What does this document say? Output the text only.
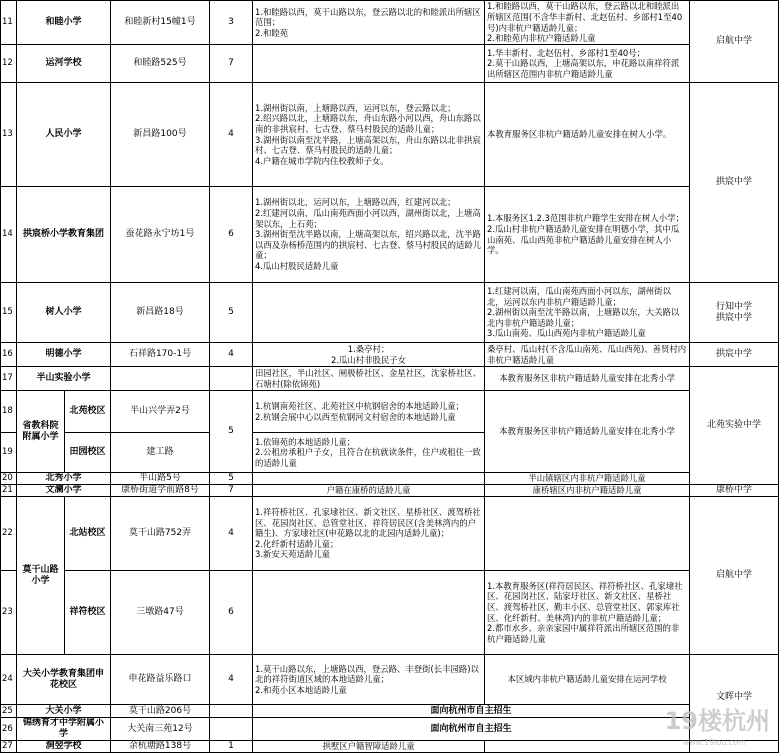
11	和睦小学		和睦新村15幢1号	3	1.和睦路以西，莫干山路以东，登云路以北的和睦派出所辖区范围；
2.和睦苑	1.和睦路以西，莫干山路以东，登云路以北和睦派出所辖区范围(不含华丰新村、北赵伍村、乡部村1至40号)内非杭户籍适龄儿童；
2.和睦苑内非杭户籍适龄儿童	启航中学
12	运河学校		和睦路525号	7		1.华丰新村、北赵伍村、乡部村1至40号；
2.莫干山路以西，上塘高架以东，申花路以南祥符派出所辖区范围内非杭户籍适龄儿童	
13	人民小学		新昌路100号	4	1.湖州街以南，上塘路以西，运河以东，登云路以北；
2.绍兴路以北，上塘路以东，舟山东路小河以西，舟山东路以南的非拱宸村、七古登、蔡马村股民的适龄儿童；
3.湖州街以南至沈半路，上塘高架以东，舟山东路以北非拱宸村、七古登、蔡马村股民的适龄儿童；
4.户籍在城市学院内住校教师子女。	本教育服务区非杭户籍适龄儿童安排在树人小学。	拱宸中学
14	拱宸桥小学教育集团		蚕花路永宁坊1号	6	1.湖州街以北，运河以东，上塘路以西，红建河以北；
2.红建河以南，瓜山南苑西面小河以西，湖州街以北，上塘高架以东，上石苑；
3.湖州街至沈半路以南，上塘高架以东，绍兴路以北，沈半路以西及杂杨桥范围内的拱宸村、七古登、蔡马村股民的适龄儿童；
4.瓜山村股民适龄儿童	1.本服务区1.2.3范围非杭户籍学生安排在树人小学；
2.瓜山村非杭户籍适龄儿童安排在明德小学，其中瓜山南苑、瓜山西苑非杭户籍适龄儿童安排在树人小学。	
15	树人小学		新昌路18号	5		1.红建河以南，瓜山南苑西面小河以东，湖州街以北，运河以东内非杭户籍适龄儿童；
2.湖州街以南至沈半路以南，上塘路以东，大关路以北内非杭户籍适龄儿童；
3.瓜山南苑、瓜山西苑内非杭户籍适龄儿童	行知中学
拱宸中学
16	明德小学		石祥路170-1号	4	1.桑亭村；
2.瓜山村非股民子女	桑亭村、瓜山村(不含瓜山南苑、瓜山西苑)、善贤村内非杭户籍适龄儿童	拱宸中学
17	半山实验小学				田园社区，半山社区、闸极桥社区、金星社区，沈家桥社区、石塘村(除依锦苑)	本教育服务区非杭户籍适龄儿童安排在北秀小学	北苑实验中学
18	省教科院附属小学	北苑校区	半山兴学弄2号	5	1.杭钢南苑社区、北苑社区中杭钢宿舍的本地适龄儿童；
2.杭钢会展中心以西至杭钢河文村宿舍的本地适龄儿童	本教育服务区非杭户籍适龄儿童安排在北秀小学	
19		田园校区	建工路		1.依锦苑的本地适龄儿童；
2.公租房承租户子女，且符合在杭就读条件，住户或租住一致的适龄儿童		
20	北秀小学		半山路5号	5		半山镇辖区内非杭户籍适龄儿童	
21	文澜小学		康桥街道学前路8号	7	户籍在康桥的适龄儿童	康桥辖区内非杭户籍适龄儿童	康桥中学
22	莫干山路小学	北站校区	莫干山路752弄	4	1.祥符桥社区、孔家埭社区、新文社区、星桥社区、渡驾桥社区、花园岗社区、总管堂社区、祥符居民区(含美林湾内的户籍生)、方家埭社区(申花路以北的北园内适龄儿童)；
2.化纤新村适龄儿童；
3.新安天苑适龄儿童		启航中学
23		祥符校区	三墩路47号	6		1.本教育服务区(祥符居民区、祥符桥社区、孔家埭社区、花园岗社区、陆家圩社区、新文社区、星桥社区、渡驾桥社区、勤丰小区、总管堂社区、郭家库社区、化纤新村、美林湾)内的非杭户籍适龄儿童；
2.都市水乡、亲亲家园中属祥符派出所辖区范围的非杭户籍适龄儿童	
24	大关小学教育集团申花校区		申花路益乐路口	4	1.莫干山路以东，上塘路以西，登云路、丰登街(长丰园路)以北的祥符街道区域的本地适龄儿童；
2.和苑小区本地适龄儿童	本区域内非杭户籍适龄儿童安排在运河学校	文晖中学
25	大关小学		莫干山路206号		面向杭州市自主招生		
26	锦绣育才中学附属小学		大关南三苑12号		面向杭州市自主招生		
27	涧翌学校		余杭塘路138号	1	拱墅区户籍智障适龄儿童		
19楼杭州
www.19lou.com
